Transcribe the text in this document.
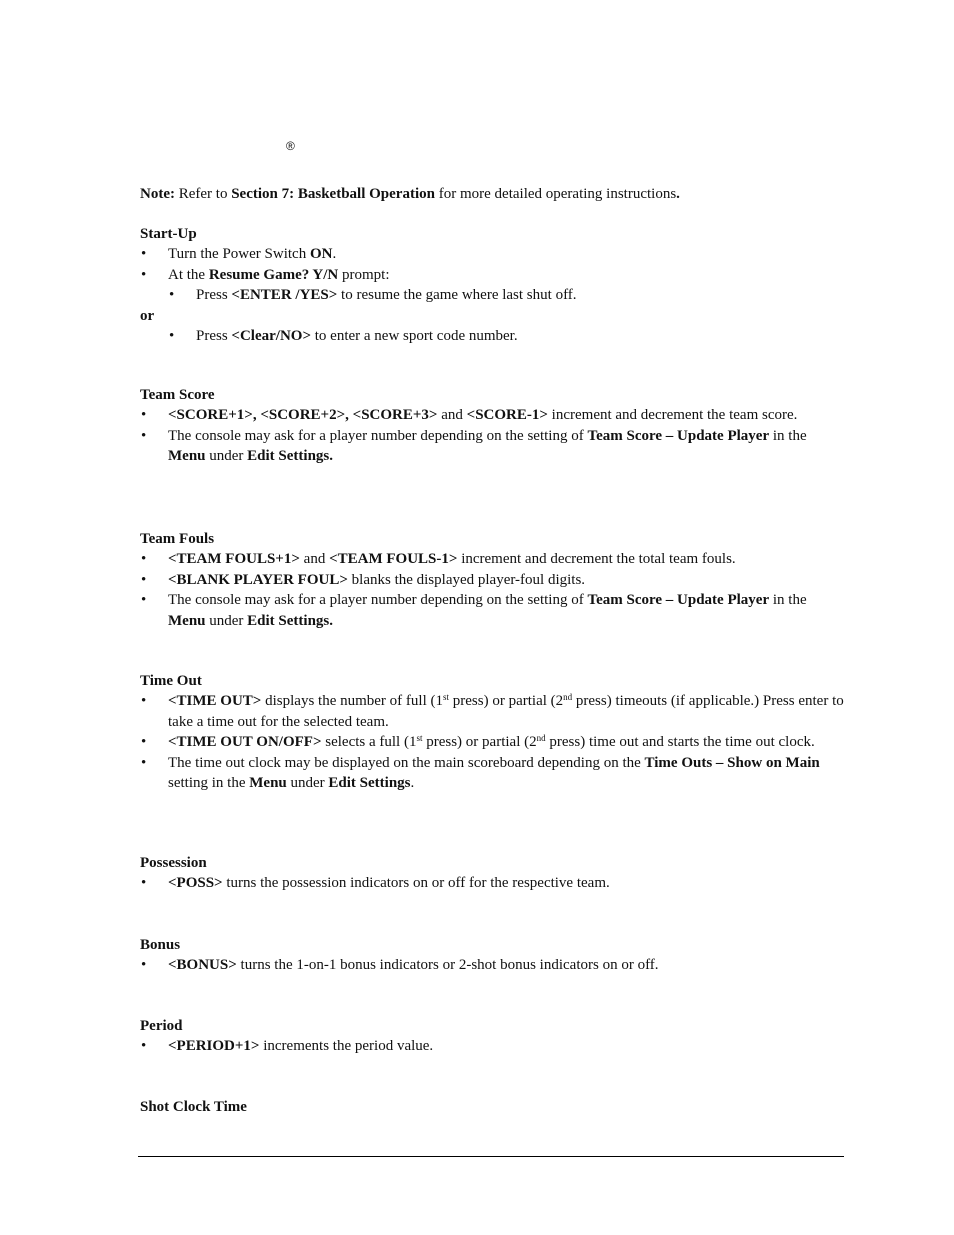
®

Note: Refer to Section 7: Basketball Operation for more detailed operating instructions.

Start-Up

• Turn the Power Switch ON.
• At the Resume Game? Y/N prompt:
• Press <ENTER /YES> to resume the game where last shut off.
or
• Press <Clear/NO> to enter a new sport code number.

Team Score

• <SCORE+1>, <SCORE+2>, <SCORE+3> and <SCORE-1> increment and decrement the team score.
• The console may ask for a player number depending on the setting of Team Score – Update Player in the Menu under Edit Settings.

Team Fouls

• <TEAM FOULS+1> and <TEAM FOULS-1> increment and decrement the total team fouls.
• <BLANK PLAYER FOUL> blanks the displayed player-foul digits.
• The console may ask for a player number depending on the setting of Team Score – Update Player in the Menu under Edit Settings.

Time Out

• <TIME OUT> displays the number of full (1st press) or partial (2nd press) timeouts (if applicable.) Press enter to take a time out for the selected team.
• <TIME OUT ON/OFF> selects a full (1st press) or partial (2nd press) time out and starts the time out clock.
• The time out clock may be displayed on the main scoreboard depending on the Time Outs – Show on Main setting in the Menu under Edit Settings.

Possession

• <POSS> turns the possession indicators on or off for the respective team.

Bonus

• <BONUS> turns the 1-on-1 bonus indicators or 2-shot bonus indicators on or off.

Period

• <PERIOD+1> increments the period value.

Shot Clock Time
